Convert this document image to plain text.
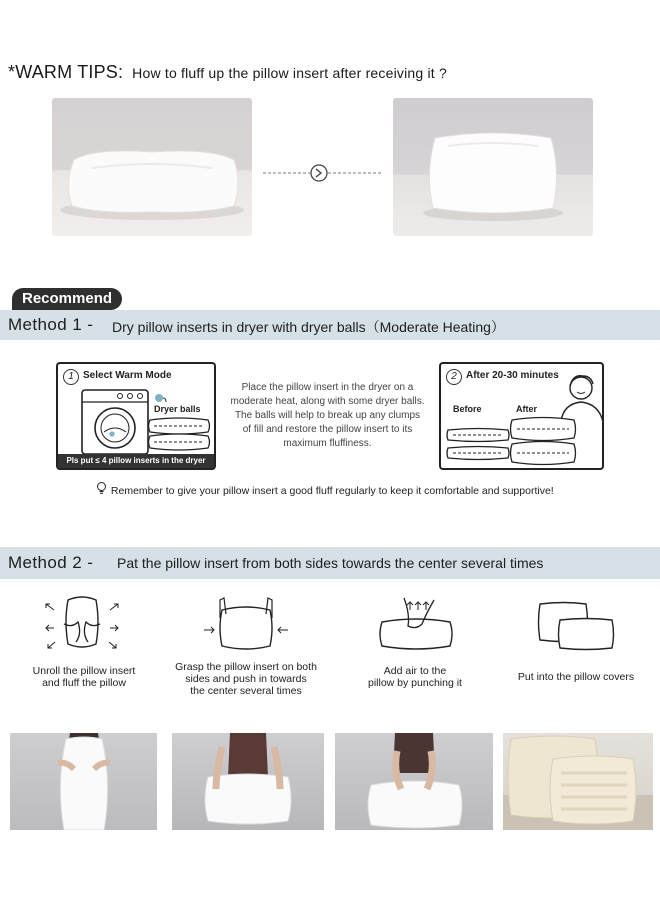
*WARM TIPS: How to fluff up the pillow insert after receiving it ?
Method 1 - Dry pillow inserts in dryer with dryer balls（Moderate Heating）
Recommend
1 Select Warm Mode
Dryer balls
Pls put ≤ 4 pillow inserts in the dryer
Place the pillow insert in the dryer on a moderate heat, along with some dryer balls. The balls will help to break up any clumps of fill and restore the pillow insert to its maximum fluffiness.
2 After 20-30 minutes
Before	After
Remember to give your pillow insert a good fluff regularly to keep it comfortable and supportive!
Method 2 - Pat the pillow insert from both sides towards the center several times
Unroll the pillow insert
and fluff the pillow
Grasp the pillow insert on both
sides and push in towards
the center several times
Add air to the
pillow by punching it	Put into the pillow covers
